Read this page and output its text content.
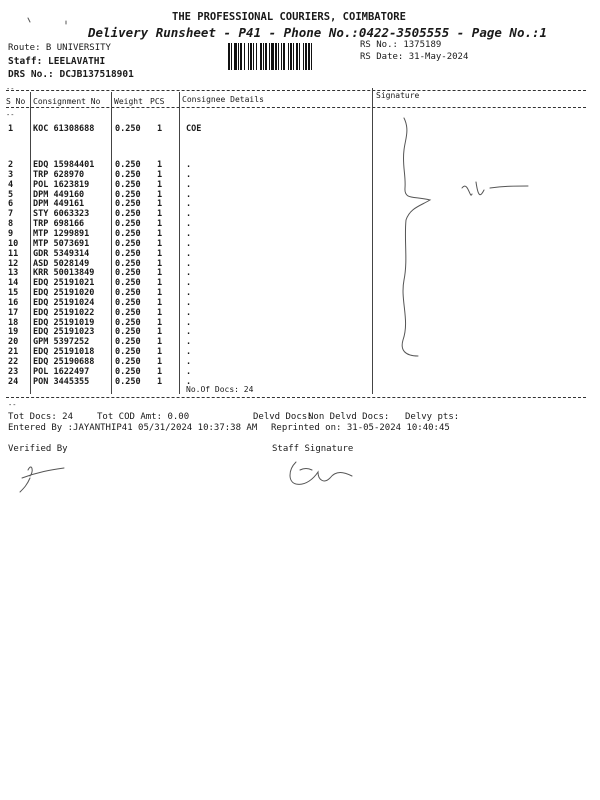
THE PROFESSIONAL COURIERS, COIMBATORE
Delivery Runsheet - P41 - Phone No.:0422-3505555 - Page No.:1
Route: B UNIVERSITY
Staff: LEELAVATHI
DRS No.: DCJB137518901
RS No.: 1375189
RS Date: 31-May-2024
--
S No Consignment No Weight PCS Consignee Details	Signature
--
1 KOC 61308688 0.250 1	COE
2 EDQ 15984401 0.250 1	.
3 TRP 628970	0.250 1	.
4 POL 1623819	0.250 1	.
5 DPM 449160	0.250 1	.
6 DPM 449161	0.250 1	.
7 STY 6063323	0.250 1	.
8 TRP 698166	0.250 1	.
9 MTP 1299891	0.250 1	.
10 MTP 5073691	0.250 1	.
11 GDR 5349314	0.250 1	.
12 ASD 5028149	0.250 1	.
13 KRR 50013849 0.250 1	.
14 EDQ 25191021 0.250 1	.
15 EDQ 25191020 0.250 1	.
16 EDQ 25191024 0.250 1	.
17 EDQ 25191022 0.250 1	.
18 EDQ 25191019 0.250 1	.
19 EDQ 25191023 0.250 1	.
20 GPM 5397252	0.250 1	.
21 EDQ 25191018 0.250 1	.
22 EDQ 25190688 0.250 1	.
23 POL 1622497	0.250 1	.
24 PON 3445355	0.250 1	.
No.Of Docs: 24
--
Tot Docs: 24	Tot COD Amt: 0.00	Delvd Docs:
Non Delvd Docs: Delvy pts:
Entered By :JAYANTHIP41 05/31/2024 10:37:38 AM Reprinted on: 31-05-2024 10:40:45
Verified By	Staff Signature
